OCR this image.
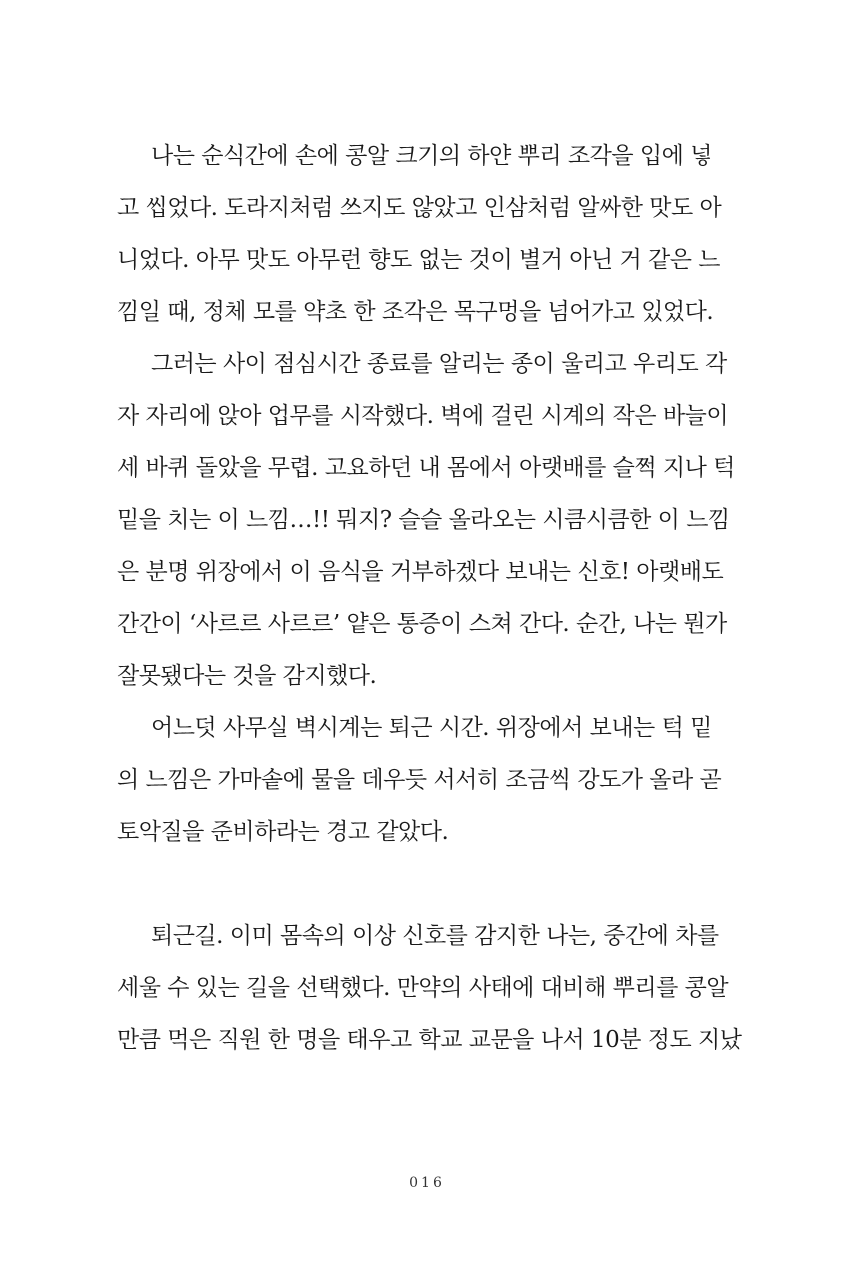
나는 순식간에 손에 콩알 크기의 하얀 뿌리 조각을 입에 넣
고 씹었다. 도라지처럼 쓰지도 않았고 인삼처럼 알싸한 맛도 아
니었다. 아무 맛도 아무런 향도 없는 것이 별거 아닌 거 같은 느
낌일 때, 정체 모를 약초 한 조각은 목구멍을 넘어가고 있었다.
그러는 사이 점심시간 종료를 알리는 종이 울리고 우리도 각
자 자리에 앉아 업무를 시작했다. 벽에 걸린 시계의 작은 바늘이
세 바퀴 돌았을 무렵. 고요하던 내 몸에서 아랫배를 슬쩍 지나 턱
밑을 치는 이 느낌…!! 뭐지? 슬슬 올라오는 시큼시큼한 이 느낌
은 분명 위장에서 이 음식을 거부하겠다 보내는 신호! 아랫배도
간간이 ‘사르르 사르르’ 얕은 통증이 스쳐 간다. 순간, 나는 뭔가
잘못됐다는 것을 감지했다.
어느덧 사무실 벽시계는 퇴근 시간. 위장에서 보내는 턱 밑
의 느낌은 가마솥에 물을 데우듯 서서히 조금씩 강도가 올라 곧
토악질을 준비하라는 경고 같았다.
퇴근길. 이미 몸속의 이상 신호를 감지한 나는, 중간에 차를
세울 수 있는 길을 선택했다. 만약의 사태에 대비해 뿌리를 콩알
만큼 먹은 직원 한 명을 태우고 학교 교문을 나서 10분 정도 지났
016
